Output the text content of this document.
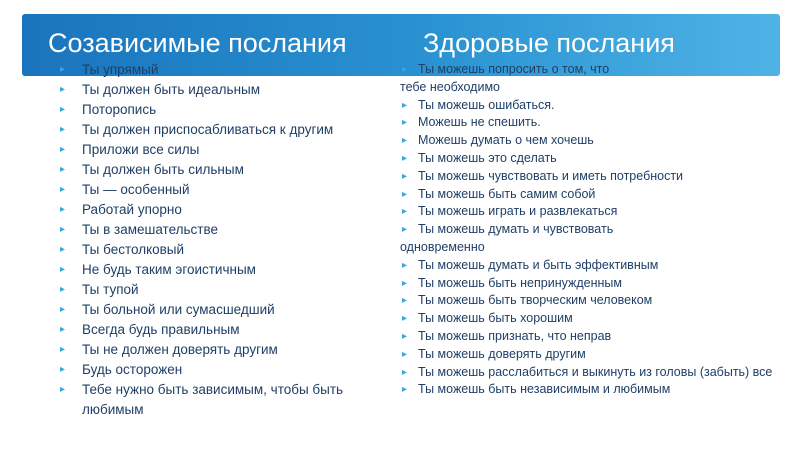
Созависимые послания	Здоровые послания
▸ Ты упрямый
▸ Ты должен быть идеальным
▸ Поторопись
▸ Ты должен приспосабливаться к другим
▸ Приложи все силы
▸ Ты должен быть сильным
▸ Ты — особенный
▸ Работай упорно
▸ Ты в замешательстве
▸ Ты бестолковый
▸ Не будь таким эгоистичным
▸ Ты тупой
▸ Ты больной или сумасшедший
▸ Всегда будь правильным
▸ Ты не должен доверять другим
▸ Будь осторожен
▸ Тебе нужно быть зависимым, чтобы быть любимым
▸ Ты можешь попросить о том, что
тебе необходимо
▸ Ты можешь ошибаться.
▸ Можешь не спешить.
▸ Можешь думать о чем хочешь
▸ Ты можешь это сделать
▸ Ты можешь чувствовать и иметь потребности
▸ Ты можешь быть самим собой
▸ Ты можешь играть и развлекаться
▸ Ты можешь думать и чувствовать
одновременно
▸ Ты можешь думать и быть эффективным
▸ Ты можешь быть непринужденным
▸ Ты можешь быть творческим человеком
▸ Ты можешь быть хорошим
▸ Ты можешь признать, что неправ
▸ Ты можешь доверять другим
▸ Ты можешь расслабиться и выкинуть из головы (забыть) все
▸ Ты можешь быть независимым и любимым
